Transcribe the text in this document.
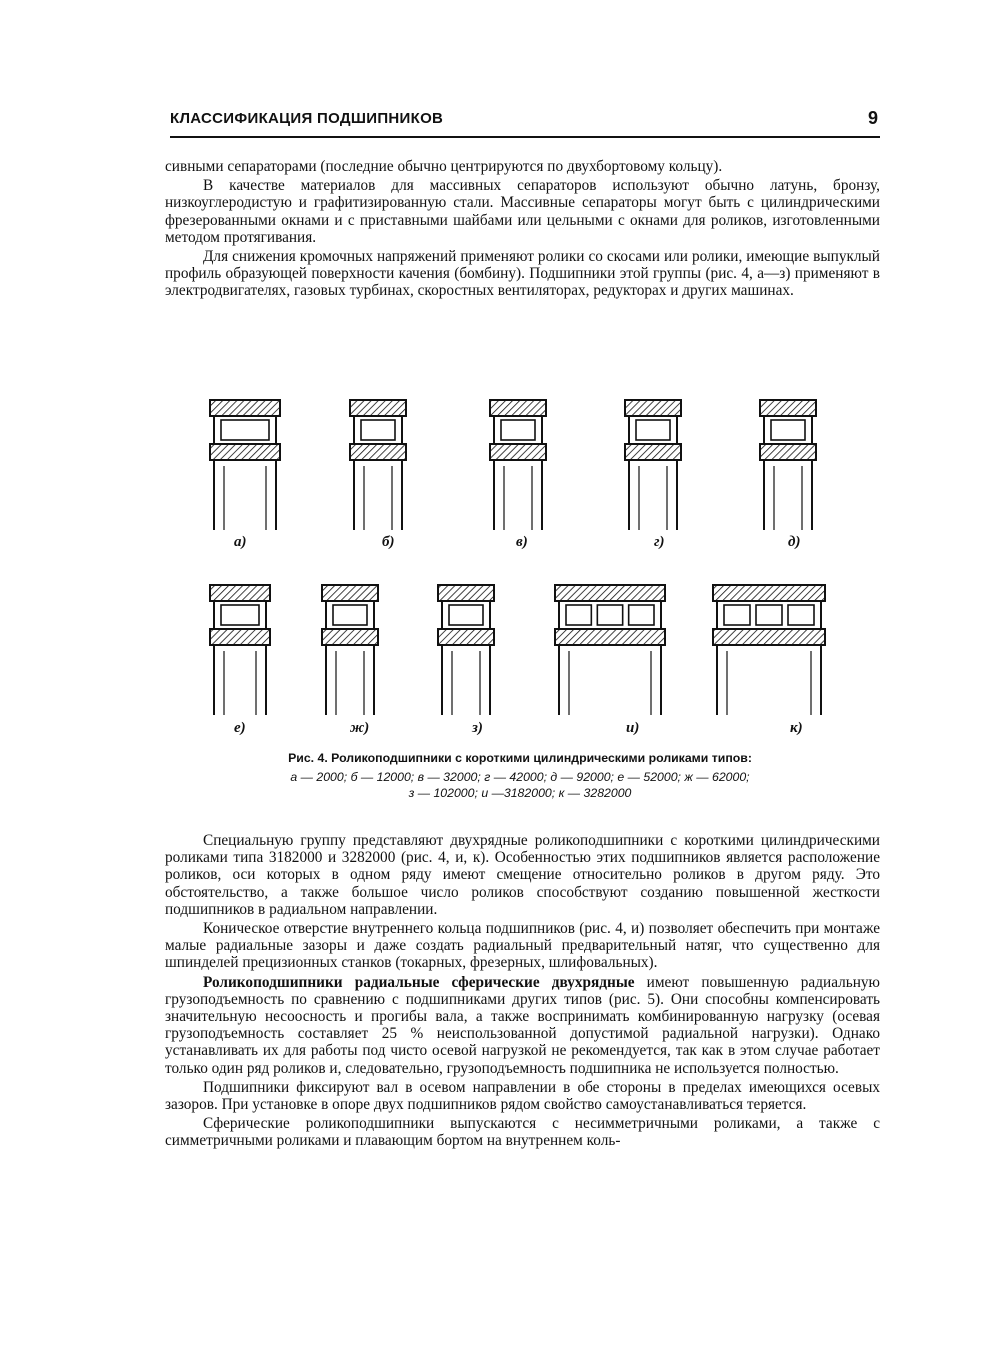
КЛАССИФИКАЦИЯ ПОДШИПНИКОВ	9

сивными сепараторами (последние обычно центрируются по двухбортовому кольцу).

В качестве материалов для массивных сепараторов используют обычно латунь, бронзу, низкоуглеродистую и графитизированную стали. Массивные сепараторы могут быть с цилиндрическими фрезерованными окнами и с приставными шайбами или цельными с окнами для роликов, изготовленными методом протягивания.

Для снижения кромочных напряжений применяют ролики со скосами или ролики, имеющие выпуклый профиль образующей поверхности качения (бомбину). Подшипники этой группы (рис. 4, а—з) применяют в электродвигателях, газовых турбинах, скоростных вентиляторах, редукторах и других машинах.

а)	б)	в)	г)	д)
е)	ж)	з)	и)	к)
Рис. 4. Роликоподшипники с короткими цилиндрическими роликами типов:
а — 2000; б — 12000; в — 32000; г — 42000; д — 92000; е — 52000; ж — 62000;
з — 102000; и —3182000; к — 3282000

Специальную группу представляют двухрядные роликоподшипники с короткими цилиндрическими роликами типа 3182000 и 3282000 (рис. 4, и, к). Особенностью этих подшипников является расположение роликов, оси которых в одном ряду имеют смещение относительно роликов в другом ряду. Это обстоятельство, а также большое число роликов способствуют созданию повышенной жесткости подшипников в радиальном направлении.

Коническое отверстие внутреннего кольца подшипников (рис. 4, и) позволяет обеспечить при монтаже малые радиальные зазоры и даже создать радиальный предварительный натяг, что существенно для шпинделей прецизионных станков (токарных, фрезерных, шлифовальных).

Роликоподшипники радиальные сферические двухрядные имеют повышенную радиальную грузоподъемность по сравнению с подшипниками других типов (рис. 5). Они способны компенсировать значительную несоосность и прогибы вала, а также воспринимать комбинированную нагрузку (осевая грузоподъемность составляет 25 % неиспользованной допустимой радиальной нагрузки). Однако устанавливать их для работы под чисто осевой нагрузкой не рекомендуется, так как в этом случае работает только один ряд роликов и, следовательно, грузоподъемность подшипника не используется полностью.

Подшипники фиксируют вал в осевом направлении в обе стороны в пределах имеющихся осевых зазоров. При установке в опоре двух подшипников рядом свойство самоустанавливаться теряется.

Сферические роликоподшипники выпускаются с несимметричными роликами, а также с симметричными роликами и плавающим бортом на внутреннем коль-
